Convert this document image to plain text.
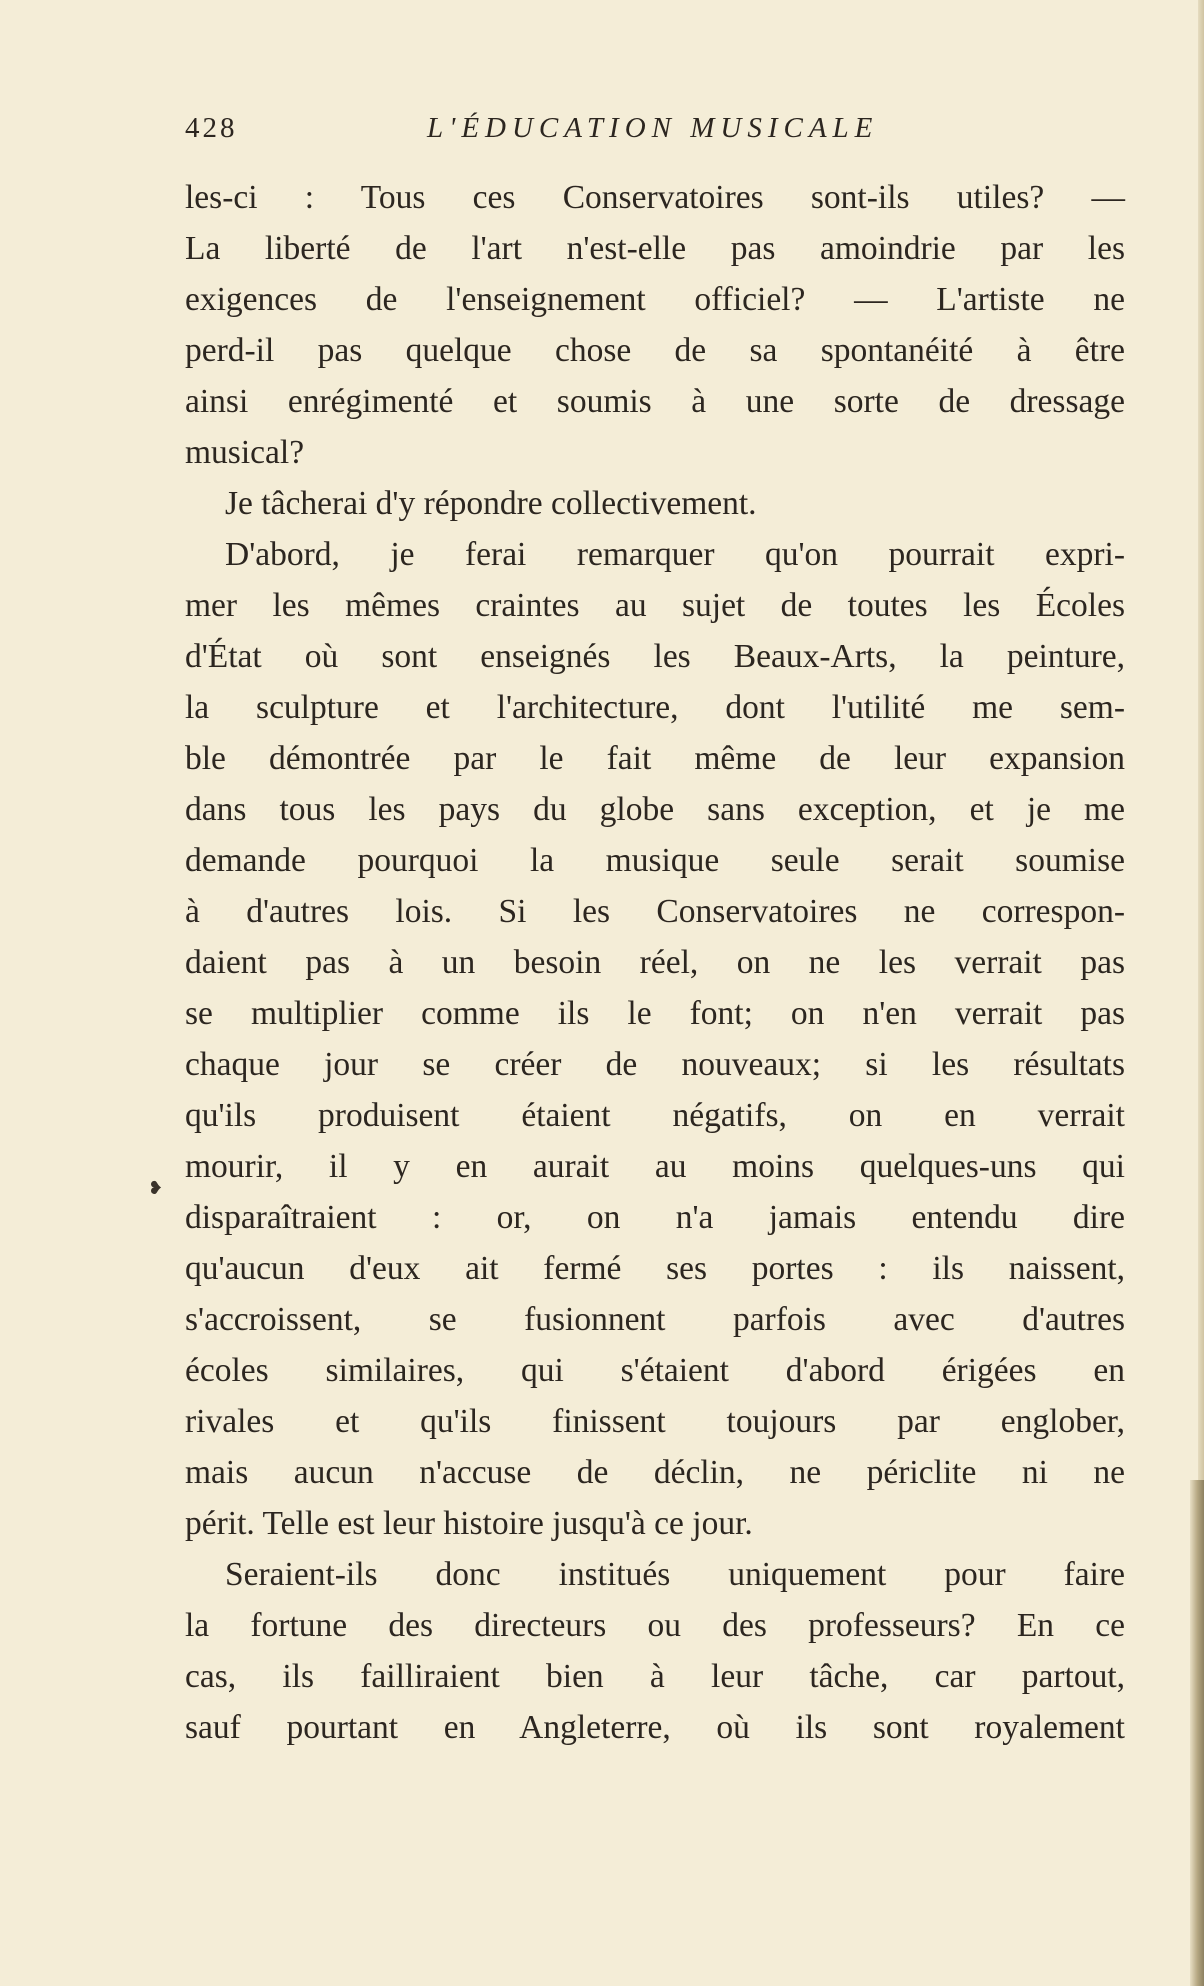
428	L'ÉDUCATION MUSICALE
❥
les-ci : Tous ces Conservatoires sont-ils utiles? —
La liberté de l'art n'est-elle pas amoindrie par les
exigences de l'enseignement officiel? — L'artiste ne
perd-il pas quelque chose de sa spontanéité à être
ainsi enrégimenté et soumis à une sorte de dressage
musical?
Je tâcherai d'y répondre collectivement.
D'abord, je ferai remarquer qu'on pourrait expri-
mer les mêmes craintes au sujet de toutes les Écoles
d'État où sont enseignés les Beaux-Arts, la peinture,
la sculpture et l'architecture, dont l'utilité me sem-
ble démontrée par le fait même de leur expansion
dans tous les pays du globe sans exception, et je me
demande pourquoi la musique seule serait soumise
à d'autres lois. Si les Conservatoires ne correspon-
daient pas à un besoin réel, on ne les verrait pas
se multiplier comme ils le font; on n'en verrait pas
chaque jour se créer de nouveaux; si les résultats
qu'ils produisent étaient négatifs, on en verrait
mourir, il y en aurait au moins quelques-uns qui
disparaîtraient : or, on n'a jamais entendu dire
qu'aucun d'eux ait fermé ses portes : ils naissent,
s'accroissent, se fusionnent parfois avec d'autres
écoles similaires, qui s'étaient d'abord érigées en
rivales et qu'ils finissent toujours par englober,
mais aucun n'accuse de déclin, ne périclite ni ne
périt. Telle est leur histoire jusqu'à ce jour.
Seraient-ils donc institués uniquement pour faire
la fortune des directeurs ou des professeurs? En ce
cas, ils failliraient bien à leur tâche, car partout,
sauf pourtant en Angleterre, où ils sont royalement
